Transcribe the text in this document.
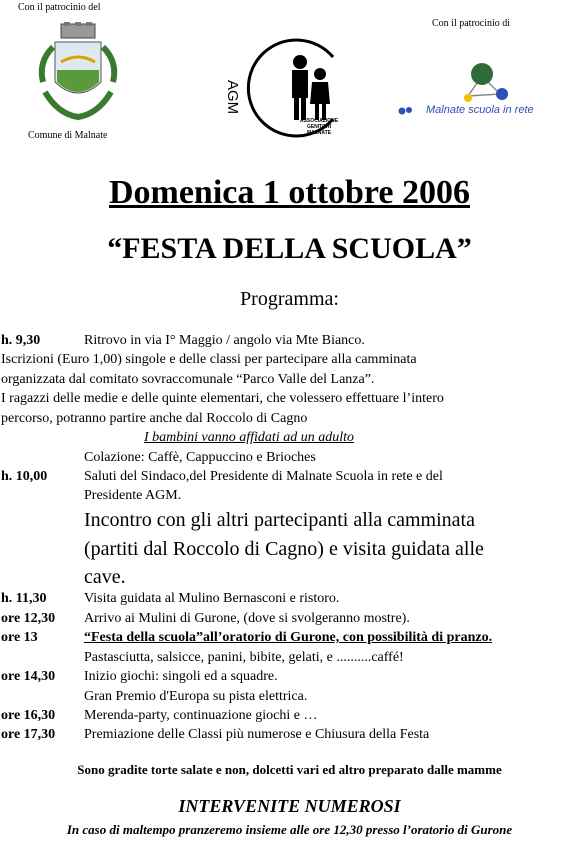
Con il patrocinio del
Comune di Malnate
AGM
ASSOCIAZIONE GENITORI MALNATE
Con il patrocinio di
Malnate scuola in rete
Domenica 1 ottobre 2006
“FESTA DELLA SCUOLA”
Programma:
h. 9,30	Ritrovo in via I° Maggio / angolo via Mte Bianco.
Iscrizioni (Euro 1,00) singole e delle classi per partecipare alla camminata
organizzata dal comitato sovraccomunale “Parco Valle del Lanza”.
I ragazzi delle medie e delle quinte elementari, che volessero effettuare l’intero
percorso, potranno partire anche dal Roccolo di Cagno
I bambini vanno affidati ad un adulto
Colazione: Caffè, Cappuccino e Brioches
h. 10,00	Saluti del Sindaco,del Presidente di Malnate Scuola in rete e del
Presidente AGM.
Incontro con gli altri partecipanti alla camminata
(partiti dal Roccolo di Cagno) e visita guidata alle
cave.
h. 11,30	Visita guidata al Mulino Bernasconi e ristoro.
ore 12,30 Arrivo ai Mulini di Gurone, (dove si svolgeranno mostre).
ore 13	“Festa della scuola”all’oratorio di Gurone, con possibilità di pranzo.
Pastasciutta, salsicce, panini, bibite, gelati, e ..........caffé!
ore 14,30 Inizio giochi: singoli ed a squadre.
Gran Premio d'Europa su pista elettrica.
ore 16,30 Merenda-party, continuazione giochi e …
ore 17,30 Premiazione delle Classi più numerose e Chiusura della Festa
Sono gradite torte salate e non, dolcetti vari ed altro preparato dalle mamme
INTERVENITE NUMEROSI
In caso di maltempo pranzeremo insieme alle ore 12,30 presso l’oratorio di Gurone
